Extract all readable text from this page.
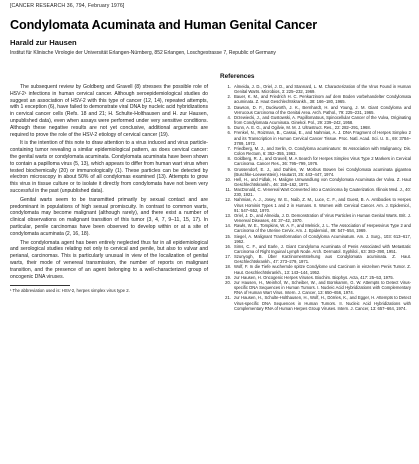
[CANCER RESEARCH 36, 794, February 1976]
Condylomata Acuminata and Human Genital Cancer
Harald zur Hausen
Institut für Klinische Virologie der Universität Erlangen-Nürnberg, 852 Erlangen, Loschgestrasse 7, Republic of Germany

The subsequent review by Goldberg and Gravell (8) stresses the possible role of HSV-2¹ infections in human cervical cancer. Although seroepidemiological studies do suggest an association of HSV-2 with this type of cancer (12, 14), repeated attempts, with 1 exception (6), have failed to demonstrate viral DNA by nucleic acid hybridizations in cervical cancer cells (Refs. 18 and 21; H. Schulte-Holthausen and H. zur Hausen, unpublished data), even when assays were performed under very sensitive conditions. Although these negative results are not yet conclusive, additional arguments are required to prove the role of the HSV-2 etiology of cervical cancer (19).

It is the intention of this note to draw attention to a virus induced and virus particle-containing tumor revealing a similar epidemiological pattern, as does cervical cancer: the genital warts or condylomata acuminata. Condylomata acuminata have been shown to contain a papilloma virus (5, 13), which appears to differ from human wart virus when tested biochemically (20) or immunologically (1). These particles can be detected by electron microscopy in about 50% of all condylomas examined (13). Attempts to grow this virus in tissue culture or to isolate it directly from condylomata have not been very successful in the past (unpublished data).

Genital warts seem to be transmitted primarily by sexual contact and are predominant in populations of high sexual promiscuity. In contrast to common warts, condylomata may become malignant (although rarely), and there exist a number of clinical observations on malignant transition of this tumor (3, 4, 7, 9–11, 15, 17). In particular, penile carcinomas have been observed to develop within or at a site of condylomata acuminata (2, 16, 18).

The condylomata agent has been entirely neglected thus far in all epidemiological and serological studies relating not only to cervical and penile, but also to vulvar and perianal, carcinomas. This is particularly unusual in view of the localization of genital warts, their mode of venereal transmission, the number of reports on malignant transition, and the presence of an agent belonging to a well-characterized group of oncogenic DNA viruses.

¹ The abbreviation used is: HSV-2, herpes simplex virus type 2.
References
1. Almeida, J. D., Oriel, J. D., and Stannard, L. M. Characterization of the Virus Found in Human Genital Warts. Microbios, 3: 225–232, 1969.
2. Bauer, K. M., and Friedrich H. C. Penkarzinom auf dem Boden vorbehandelter Condylomata acuminata. Z. Haut Geschlechtskrankh., 38: 166–180, 1965.
3. Dawson, D. F., Duckworth, J. K., Bernhardt, H. and Young, J. M. Giant Condyloma and Verrucous Carcinoma of the Genital Area. Arch. Pathol., 79: 225–231, 1965.
4. Drzewiecki, J., and Gustowski, A. Papillomatous, Spinocellular Cancer of the Vulva, Originating from Condylomata Acuminata. Ginekol. Pol., 29: 239–242, 1958.
5. Dunn, A. E. G., and Ogilvie, M. M. J. Ultrastruct. Res., 22: 282–291, 1968.
6. Frenkel, N., Roizman, B., Cassai, E., and Nahmias, A. J. DNA Fragment of Herpes Simplex 2 and its Transcription in Human Cervical Cancer Tissue. Proc. Natl. Acad. Sci. U. S., 69: 3784–3789, 1972.
7. Friedberg, M. J., and Serlin, O. Condyloma acuminatum: Its Association with Malignancy. Dis. Colon Rectum, 6: 352–355, 1963.
8. Goldberg, R. J., and Gravell, M. A Search for Herpes Simplex Virus Type 2 Markers in Cervical Carcinoma. Cancer Res., 36: 795–799, 1976.
9. Grussendorf, E. J., and Dahlen, W. Morbus Bowen bei Condylomata acuminata gigantea (Buschke-Loewenstein). Hautarzt, 25: 443–447, 1974.
10. Hell, H., and Fidlak, H. Maligne Umwandlung von Condylomata Acuminata der Vulva. Z. Haut Geschlechtskrankh., 46: 155–162, 1971.
11. MacDonald, C. Venereal Wart Converted into a Carcinoma by Cauterization. Illinois Med. J., 40: 230, 1921.
12. Nahmias, A. J., Josey, W. E., Naib, Z. M., Luce, C. F., and Guest, B. A. Antibodies to Herpes Virus Hominis Types 1 and 2 in Humans. II. Women with Cervical Cancer. Am. J. Epidemiol., 91: 547–552, 1970.
13. Oriel, J. D., and Almeida, J. D. Demonstration of Virus Particles in Human Genital Warts. Brit. J. Venereal Diseases, 46: 37–42, 1970.
14. Rawls, W. E., Tompkins, W. A. F., and Melnick, J. L. The Association of Herpesvirus Type 2 and Carcinoma of the Uterine Cervix. Am. J. Epidemiol., 89: 547–554, 1969.
15. Siegel, A. Malignant Transformation of Condyloma Acuminatum. Am. J. Surg., 103: 613–617, 1962.
16. Sims, C. F., and Earle, J. Giant Condyloma Acuminata of Penis Associated with Metastatic Carcinoma of Right Inguinal Lymph Node. Arch. Dermatol. Syphilol., 63: 383–390, 1951.
17. Szunyogh, B. Über Karzinomentstehung aus Condylomata acuminata. Z. Haut. Geschlechtskrankh., 47: 273–279, 1971.
18. Wolf, F. In die Tiefe wuchernde spitze Condylome und Carcinom in einzelnen Penis Tumor. Z. Haut. Geschlechtskrankh., 13: 143–144, 1952.
19. zur Hausen, H. Oncogenic Herpes Viruses. Biochim. Biophys. Acta, 417: 25–53, 1975.
20. zur Hausen, H., Meinhof, W., Scheiber, W., and Bornkamm, G. W. Attempts to Detect Virus-specific DNA Sequences in Human Tumors. I. Nucleic Acid Hybridizations with Complementary RNA of Human Wart Virus. Intern. J. Cancer, 13: 650–656, 1974.
21. zur Hausen, H., Schulte-Holthausen, H., Wolf, H., Dörries, K., and Egger, H. Attempts to Detect Virus-specific DNA Sequences in Human Tumors. II. Nucleic Acid Hybridizations with Complementary RNA of Human Herpes Group Viruses. Intern. J. Cancer, 13: 657–664, 1974.
